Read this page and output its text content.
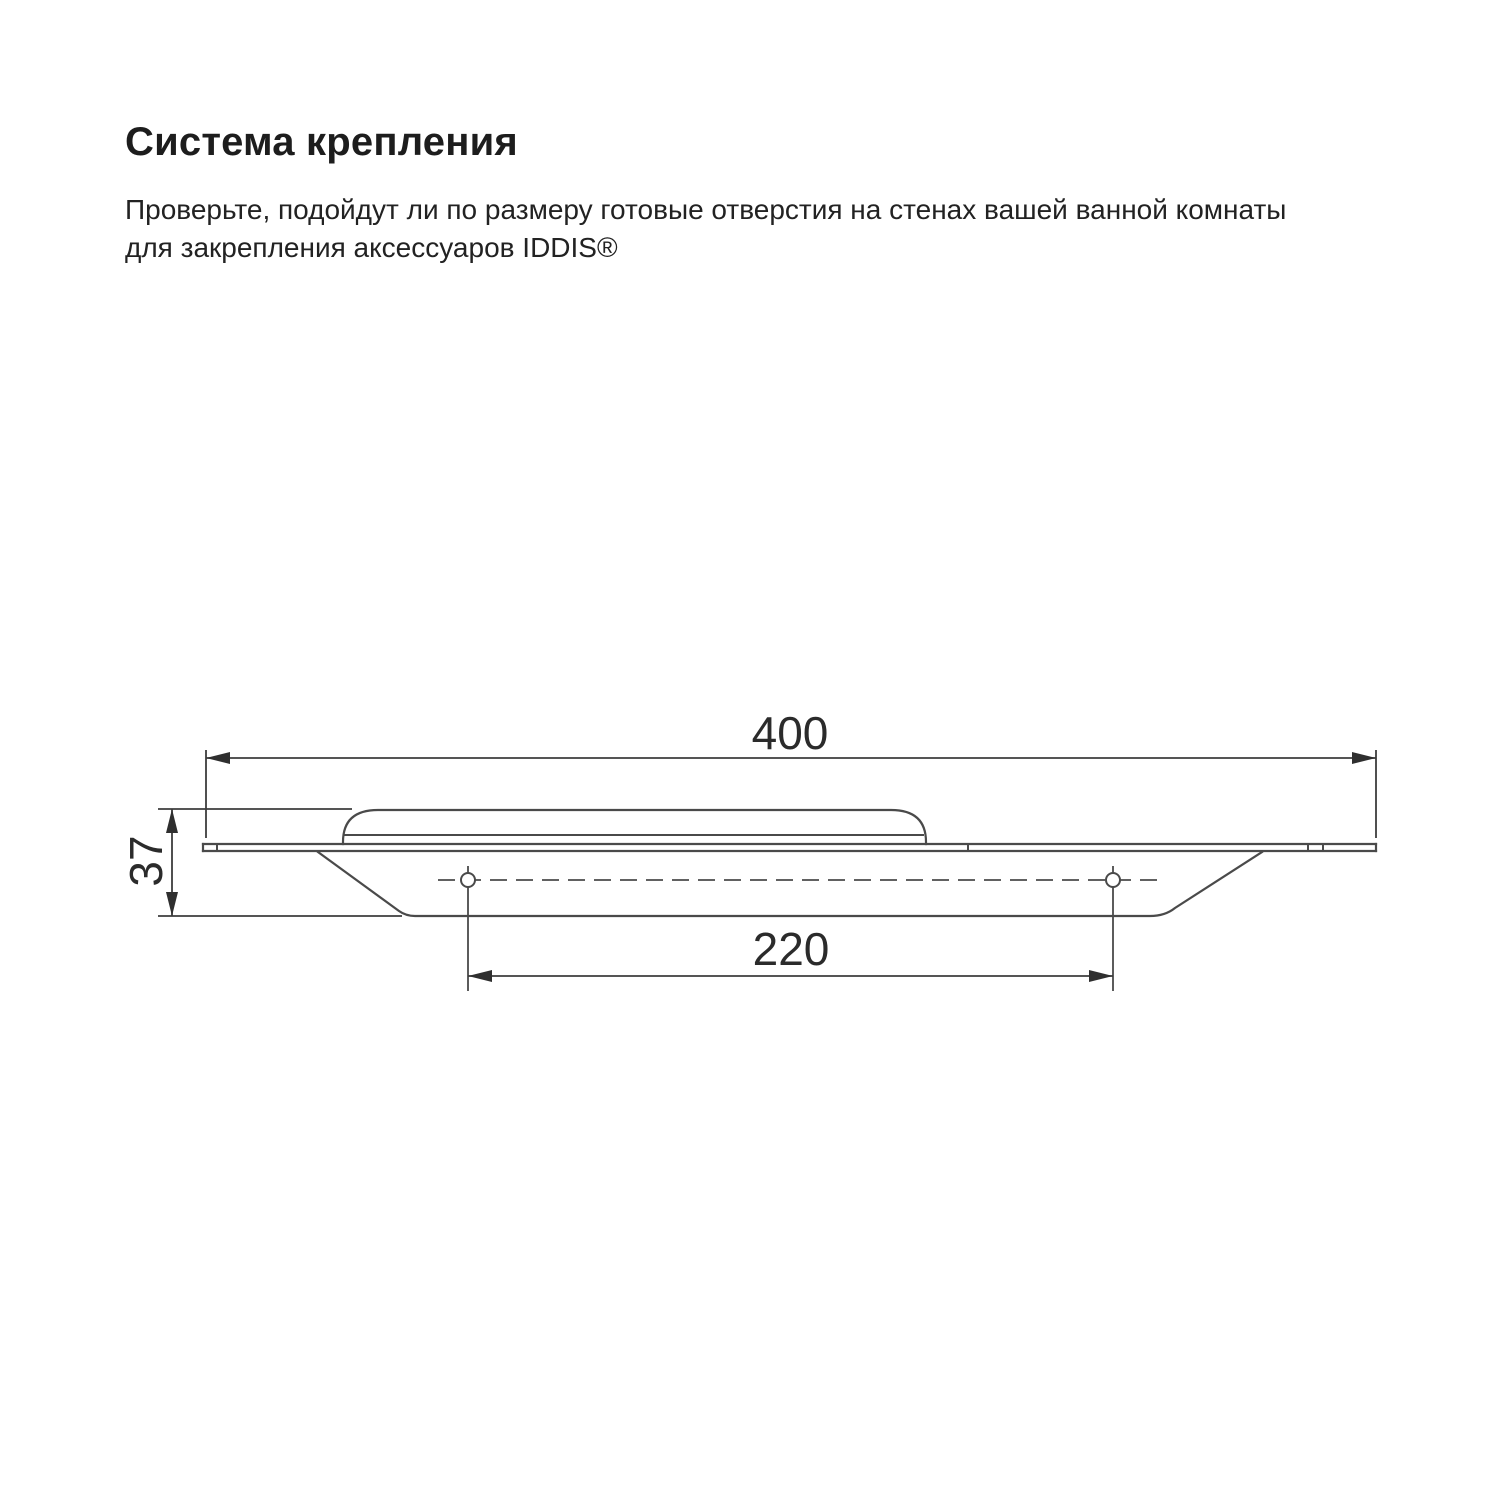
Система крепления
Проверьте, подойдут ли по размеру готовые отверстия на стенах вашей ванной комнаты
для закрепления аксессуаров IDDIS®
400
37
220
